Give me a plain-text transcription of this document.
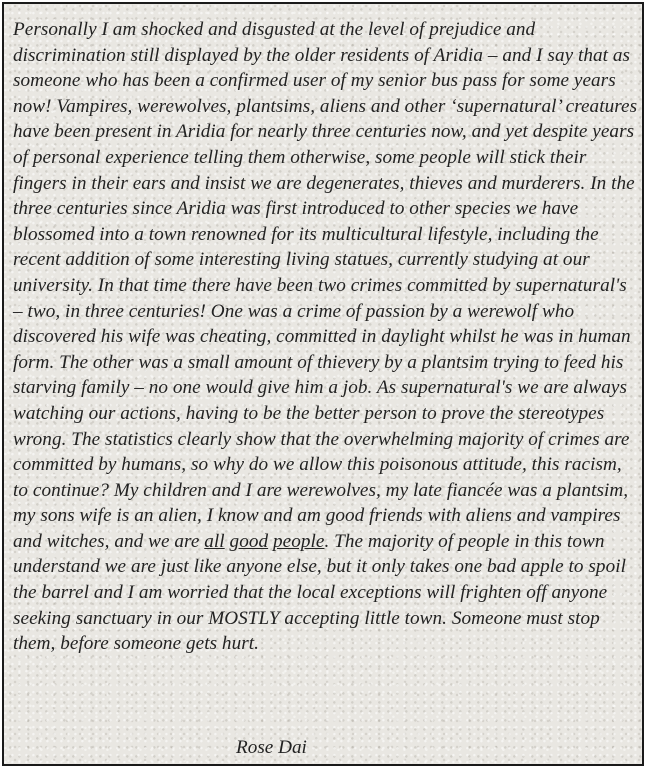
Personally I am shocked and disgusted at the level of prejudice and discrimination still displayed by the older residents of Aridia – and I say that as someone who has been a confirmed user of my senior bus pass for some years now! Vampires, werewolves, plantsims, aliens and other ‘supernatural’ creatures have been present in Aridia for nearly three centuries now, and yet despite years of personal experience telling them otherwise, some people will stick their fingers in their ears and insist we are degenerates, thieves and murderers. In the three centuries since Aridia was first introduced to other species we have blossomed into a town renowned for its multicultural lifestyle, including the recent addition of some interesting living statues, currently studying at our university. In that time there have been two crimes committed by supernatural's – two, in three centuries! One was a crime of passion by a werewolf who discovered his wife was cheating, committed in daylight whilst he was in human form. The other was a small amount of thievery by a plantsim trying to feed his starving family – no one would give him a job. As supernatural's we are always watching our actions, having to be the better person to prove the stereotypes wrong. The statistics clearly show that the overwhelming majority of crimes are committed by humans, so why do we allow this poisonous attitude, this racism, to continue? My children and I are werewolves, my late fiancée was a plantsim, my sons wife is an alien, I know and am good friends with aliens and vampires and witches, and we are all good people. The majority of people in this town understand we are just like anyone else, but it only takes one bad apple to spoil the barrel and I am worried that the local exceptions will frighten off anyone seeking sanctuary in our MOSTLY accepting little town. Someone must stop them, before someone gets hurt.

Rose Dai
